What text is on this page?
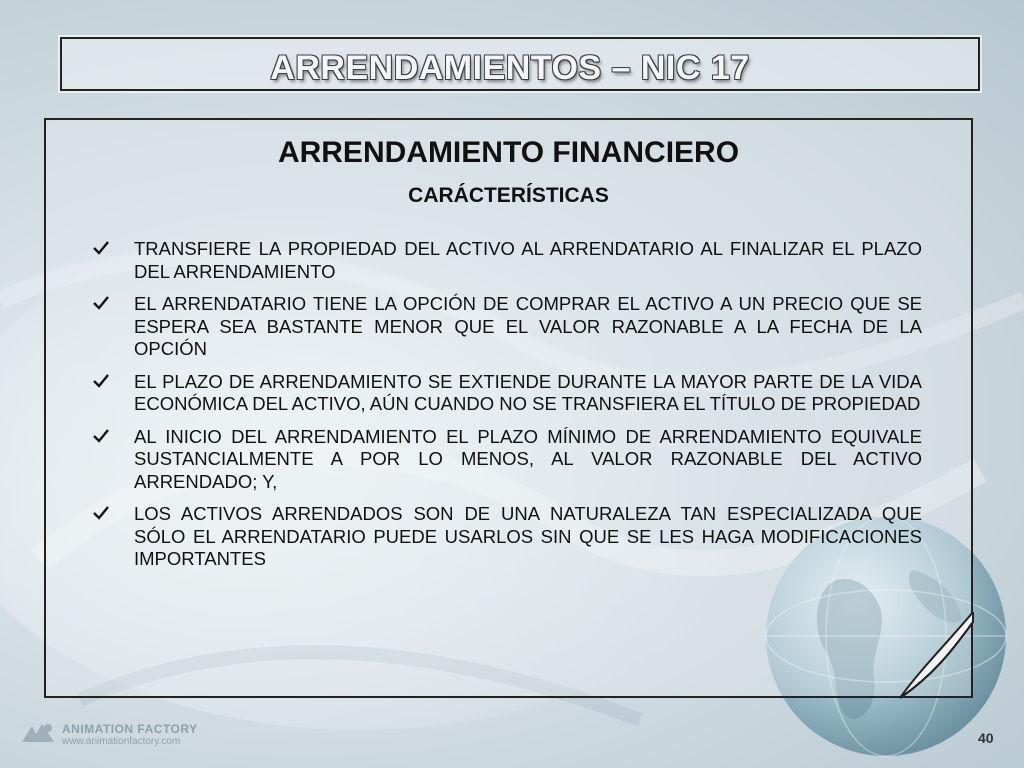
ARRENDAMIENTOS – NIC 17
ARRENDAMIENTO FINANCIERO
CARÁCTERÍSTICAS
TRANSFIERE LA PROPIEDAD DEL ACTIVO AL ARRENDATARIO AL FINALIZAR EL PLAZO DEL ARRENDAMIENTO
EL ARRENDATARIO TIENE LA OPCIÓN DE COMPRAR EL ACTIVO A UN PRECIO QUE SE ESPERA SEA BASTANTE MENOR QUE EL VALOR RAZONABLE A LA FECHA DE LA OPCIÓN
EL PLAZO DE ARRENDAMIENTO SE EXTIENDE DURANTE LA MAYOR PARTE DE LA VIDA ECONÓMICA DEL ACTIVO, AÚN CUANDO NO SE TRANSFIERA EL TÍTULO DE PROPIEDAD
AL INICIO DEL ARRENDAMIENTO EL PLAZO MÍNIMO DE ARRENDAMIENTO EQUIVALE SUSTANCIALMENTE A POR LO MENOS, AL VALOR RAZONABLE DEL ACTIVO ARRENDADO; Y,
LOS ACTIVOS ARRENDADOS SON DE UNA NATURALEZA TAN ESPECIALIZADA QUE SÓLO EL ARRENDATARIO PUEDE USARLOS SIN QUE SE LES HAGA MODIFICACIONES IMPORTANTES
ANIMATION FACTORY
www.animationfactory.com	40
